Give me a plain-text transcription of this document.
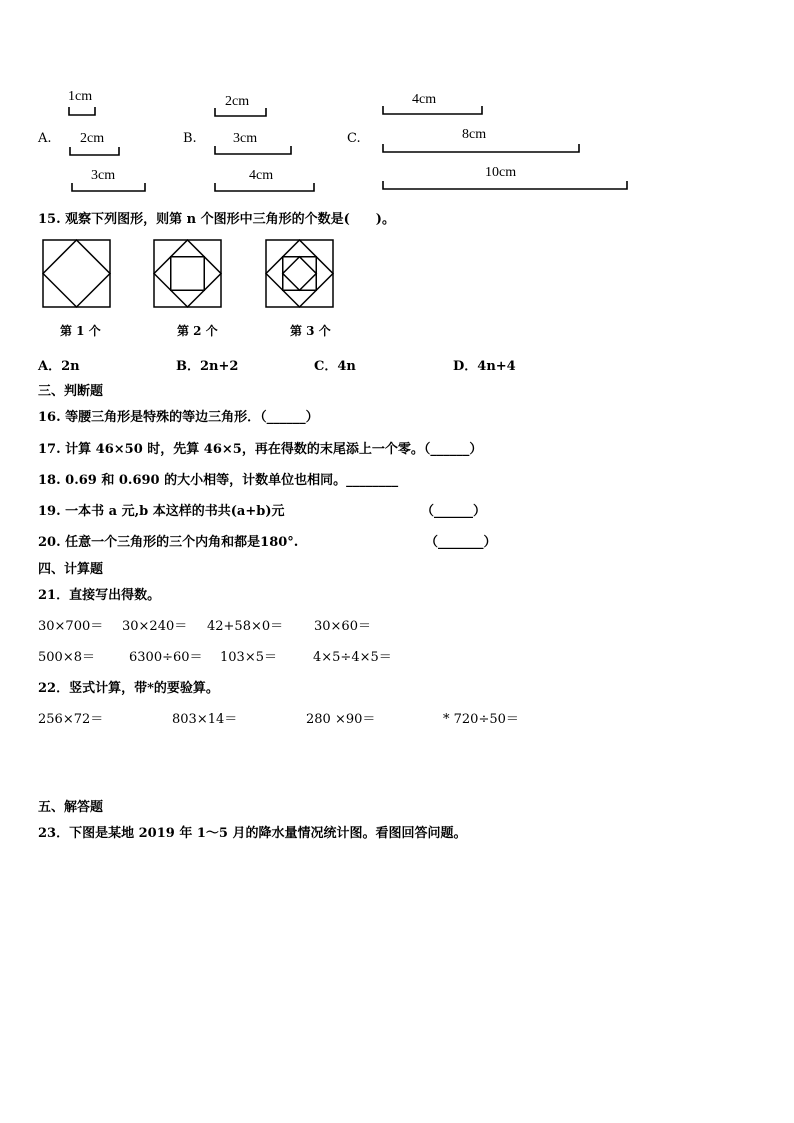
A.
1cm
2cm
3cm
B.
2cm
3cm
4cm
C.
4cm
8cm
10cm
15. 观察下列图形，则第 n 个图形中三角形的个数是(　　)。
第 1 个	第 2 个	第 3 个
A．2n	B．2n+2	C．4n	D．4n+4
三、判断题
16. 等腰三角形是特殊的等边三角形．（______）
17. 计算 46×50 时，先算 46×5，再在得数的末尾添上一个零。（______）
18. 0.69 和 0.690 的大小相等，计数单位也相同。________
19. 一本书 a 元,b 本这样的书共(a+b)元	（______）
20. 任意一个三角形的三个内角和都是180°.	（_______）
四、计算题
21．直接写出得数。
30×700＝ 30×240＝ 42+58×0＝ 30×60＝
500×8＝	6300÷60＝ 103×5＝	4×5÷4×5＝
22．竖式计算，带*的要验算。
256×72＝	803×14＝	280 ×90＝	* 720÷50＝
五、解答题
23．下图是某地 2019 年 1～5 月的降水量情况统计图。看图回答问题。
